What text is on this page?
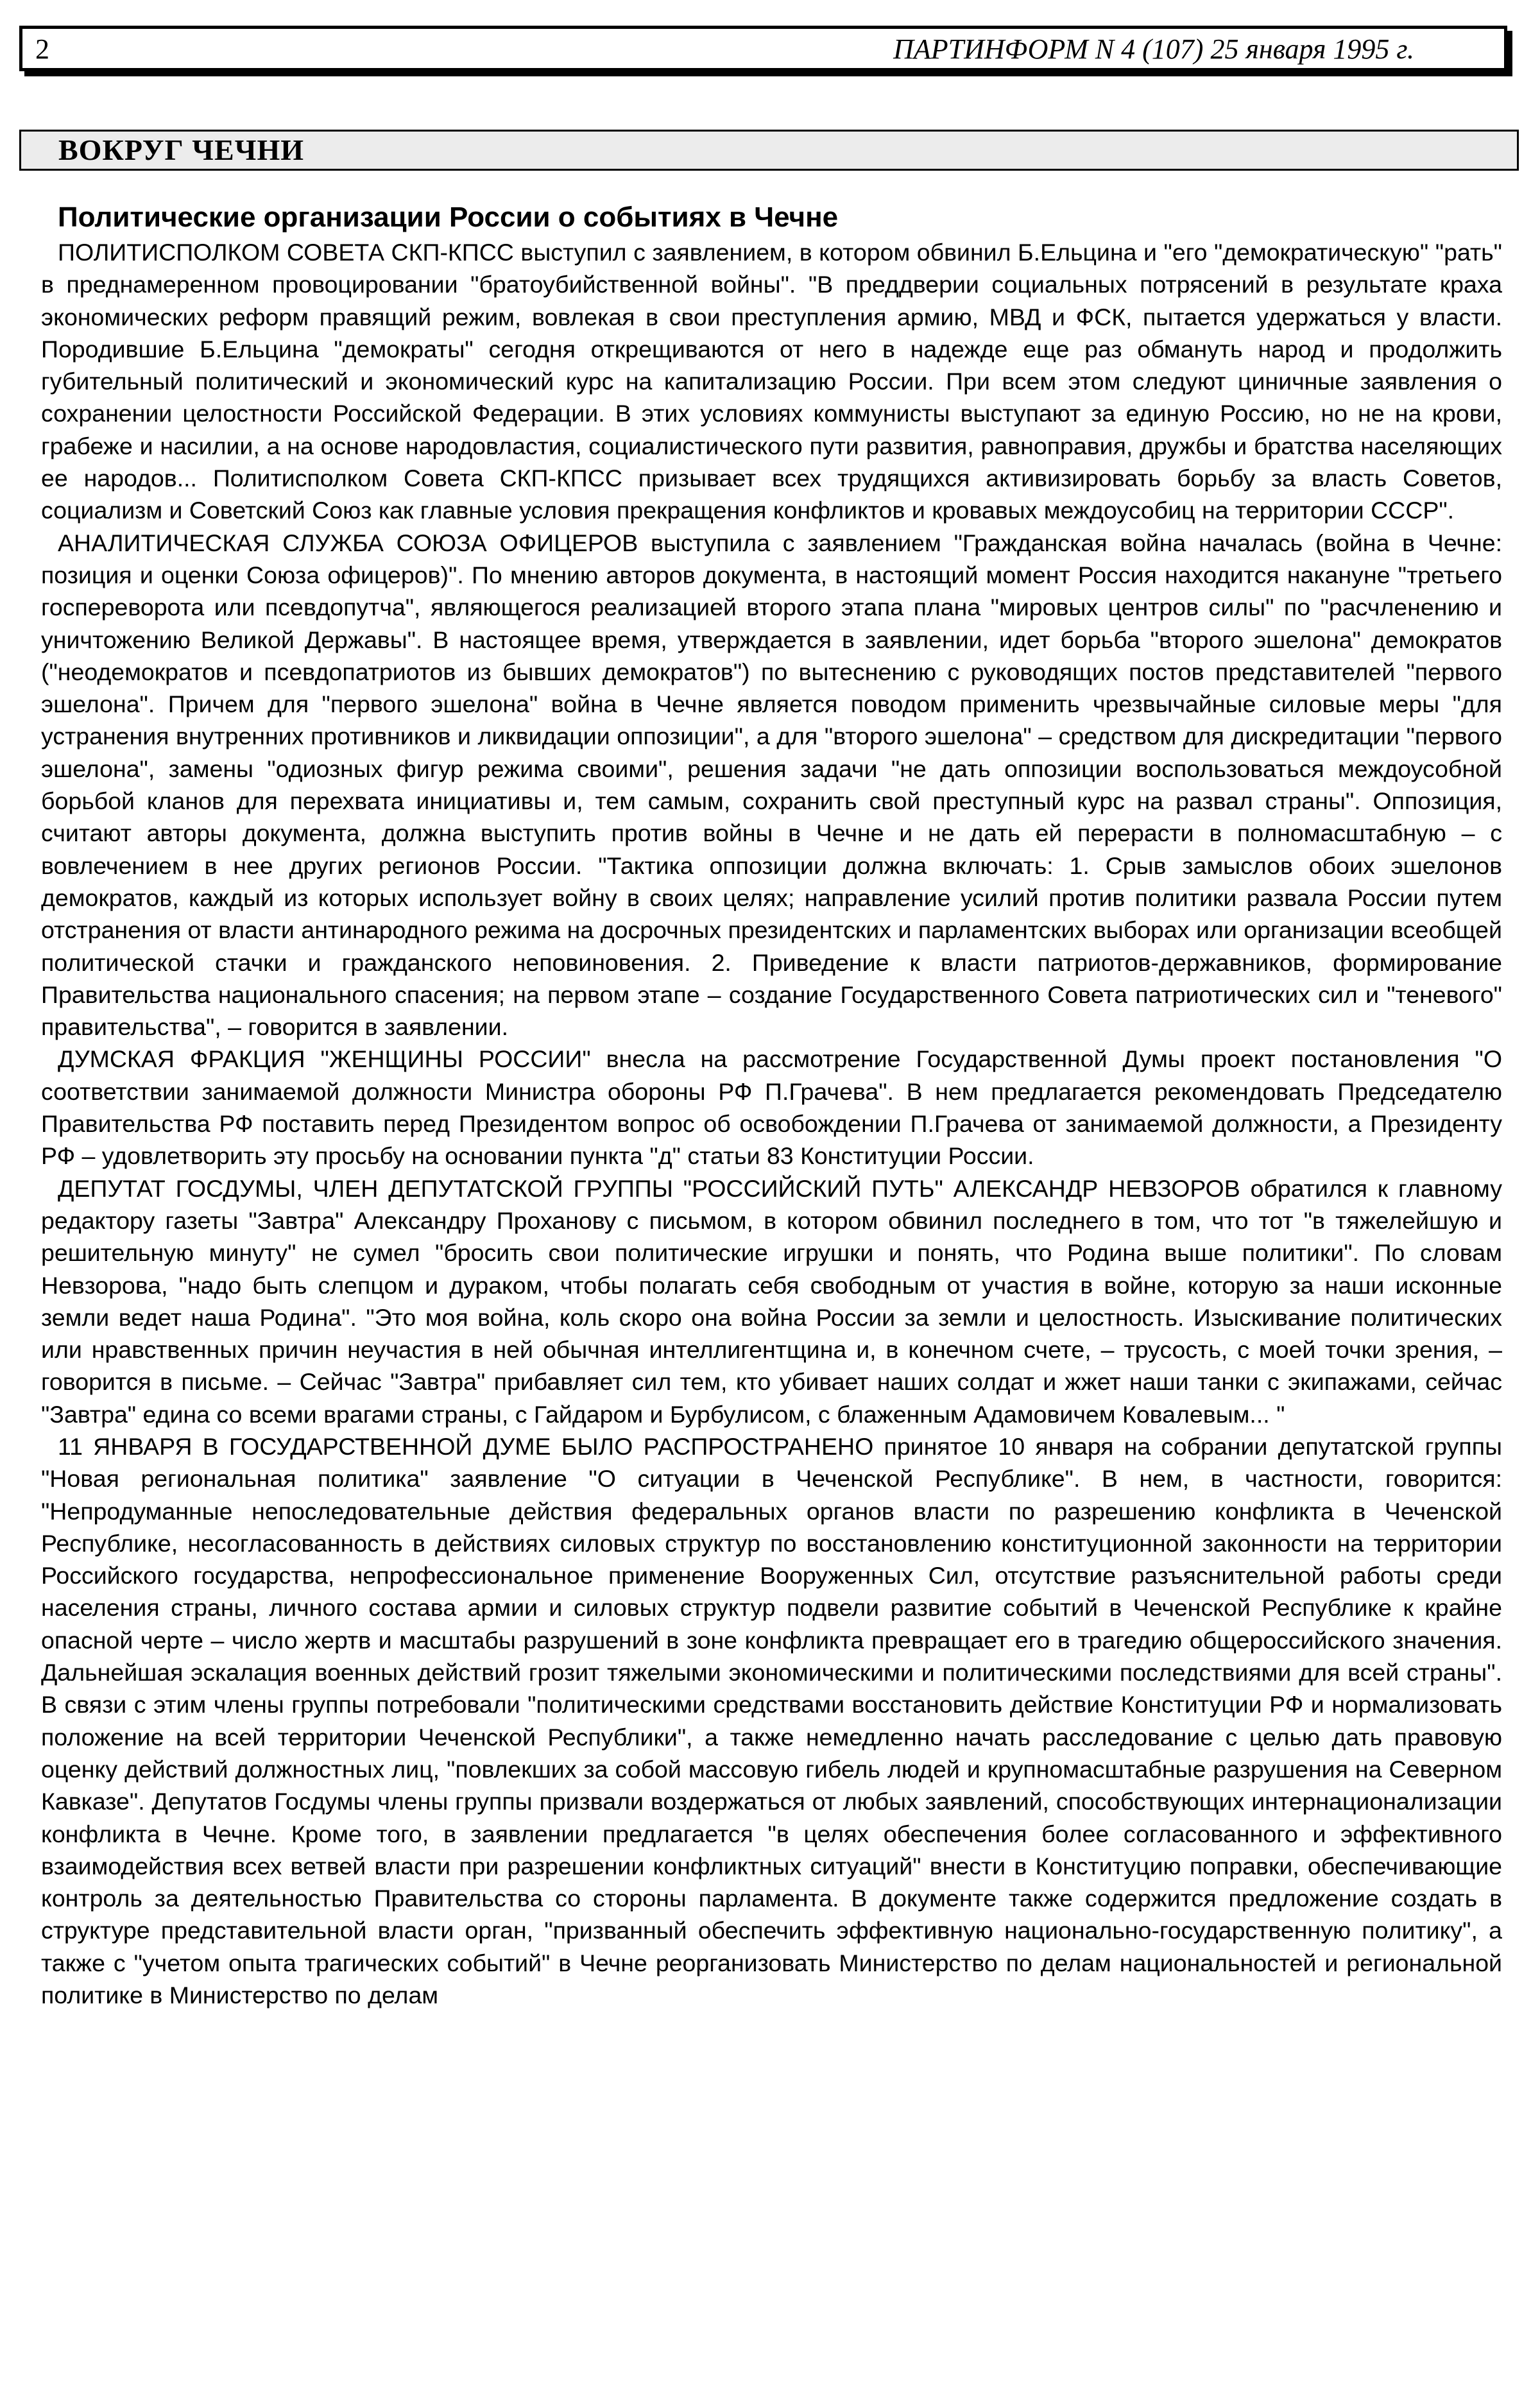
2	ПАРТИНФОРМ N 4 (107) 25 января 1995 г.
ВОКРУГ ЧЕЧНИ
Политические организации России о событиях в Чечне

ПОЛИТИСПОЛКОМ СОВЕТА СКП-КПСС выступил с заявлением, в котором обвинил Б.Ельцина и "его "демократическую" "рать" в преднамеренном провоцировании "братоубийственной войны". "В преддверии социальных потрясений в результате краха экономических реформ правящий режим, вовлекая в свои преступления армию, МВД и ФСК, пытается удержаться у власти. Породившие Б.Ельцина "демократы" сегодня открещиваются от него в надежде еще раз обмануть народ и продолжить губительный политический и экономический курс на капитализацию России. При всем этом следуют циничные заявления о сохранении целостности Российской Федерации. В этих условиях коммунисты выступают за единую Россию, но не на крови, грабеже и насилии, а на основе народовластия, социалистического пути развития, равноправия, дружбы и братства населяющих ее народов... Политисполком Совета СКП-КПСС призывает всех трудящихся активизировать борьбу за власть Советов, социализм и Советский Союз как главные условия прекращения конфликтов и кровавых междоусобиц на территории СССР".

АНАЛИТИЧЕСКАЯ СЛУЖБА СОЮЗА ОФИЦЕРОВ выступила с заявлением "Гражданская война началась (война в Чечне: позиция и оценки Союза офицеров)". По мнению авторов документа, в настоящий момент Россия находится накануне "третьего госпереворота или псевдопутча", являющегося реализацией второго этапа плана "мировых центров силы" по "расчленению и уничтожению Великой Державы". В настоящее время, утверждается в заявлении, идет борьба "второго эшелона" демократов ("неодемократов и псевдопатриотов из бывших демократов") по вытеснению с руководящих постов представителей "первого эшелона". Причем для "первого эшелона" война в Чечне является поводом применить чрезвычайные силовые меры "для устранения внутренних противников и ликвидации оппозиции", а для "второго эшелона" – средством для дискредитации "первого эшелона", замены "одиозных фигур режима своими", решения задачи "не дать оппозиции воспользоваться междоусобной борьбой кланов для перехвата инициативы и, тем самым, сохранить свой преступный курс на развал страны". Оппозиция, считают авторы документа, должна выступить против войны в Чечне и не дать ей перерасти в полномасштабную – с вовлечением в нее других регионов России. "Тактика оппозиции должна включать: 1. Срыв замыслов обоих эшелонов демократов, каждый из которых использует войну в своих целях; направление усилий против политики развала России путем отстранения от власти антинародного режима на досрочных президентских и парламентских выборах или организации всеобщей политической стачки и гражданского неповиновения. 2. Приведение к власти патриотов-державников, формирование Правительства национального спасения; на первом этапе – создание Государственного Совета патриотических сил и "теневого" правительства", – говорится в заявлении.

ДУМСКАЯ ФРАКЦИЯ "ЖЕНЩИНЫ РОССИИ" внесла на рассмотрение Государственной Думы проект постановления "О соответствии занимаемой должности Министра обороны РФ П.Грачева". В нем предлагается рекомендовать Председателю Правительства РФ поставить перед Президентом вопрос об освобождении П.Грачева от занимаемой должности, а Президенту РФ – удовлетворить эту просьбу на основании пункта "д" статьи 83 Конституции России.

ДЕПУТАТ ГОСДУМЫ, ЧЛЕН ДЕПУТАТСКОЙ ГРУППЫ "РОССИЙСКИЙ ПУТЬ" АЛЕКСАНДР НЕВЗОРОВ обратился к главному редактору газеты "Завтра" Александру Проханову с письмом, в котором обвинил последнего в том, что тот "в тяжелейшую и решительную минуту" не сумел "бросить свои политические игрушки и понять, что Родина выше политики". По словам Невзорова, "надо быть слепцом и дураком, чтобы полагать себя свободным от участия в войне, которую за наши исконные земли ведет наша Родина". "Это моя война, коль скоро она война России за земли и целостность. Изыскивание политических или нравственных причин неучастия в ней обычная интеллигентщина и, в конечном счете, – трусость, с моей точки зрения, – говорится в письме. – Сейчас "Завтра" прибавляет сил тем, кто убивает наших солдат и жжет наши танки с экипажами, сейчас "Завтра" едина со всеми врагами страны, с Гайдаром и Бурбулисом, с блаженным Адамовичем Ковалевым... "

11 ЯНВАРЯ В ГОСУДАРСТВЕННОЙ ДУМЕ БЫЛО РАСПРОСТРАНЕНО принятое 10 января на собрании депутатской группы "Новая региональная политика" заявление "О ситуации в Чеченской Республике". В нем, в частности, говорится: "Непродуманные непоследовательные действия федеральных органов власти по разрешению конфликта в Чеченской Республике, несогласованность в действиях силовых структур по восстановлению конституционной законности на территории Российского государства, непрофессиональное применение Вооруженных Сил, отсутствие разъяснительной работы среди населения страны, личного состава армии и силовых структур подвели развитие событий в Чеченской Республике к крайне опасной черте – число жертв и масштабы разрушений в зоне конфликта превращает его в трагедию общероссийского значения. Дальнейшая эскалация военных действий грозит тяжелыми экономическими и политическими последствиями для всей страны". В связи с этим члены группы потребовали "политическими средствами восстановить действие Конституции РФ и нормализовать положение на всей территории Чеченской Республики", а также немедленно начать расследование с целью дать правовую оценку действий должностных лиц, "повлекших за собой массовую гибель людей и крупномасштабные разрушения на Северном Кавказе". Депутатов Госдумы члены группы призвали воздержаться от любых заявлений, способствующих интернационализации конфликта в Чечне. Кроме того, в заявлении предлагается "в целях обеспечения более согласованного и эффективного взаимодействия всех ветвей власти при разрешении конфликтных ситуаций" внести в Конституцию поправки, обеспечивающие контроль за деятельностью Правительства со стороны парламента. В документе также содержится предложение создать в структуре представительной власти орган, "призванный обеспечить эффективную национально-государственную политику", а также с "учетом опыта трагических событий" в Чечне реорганизовать Министерство по делам национальностей и региональной политике в Министерство по делам
